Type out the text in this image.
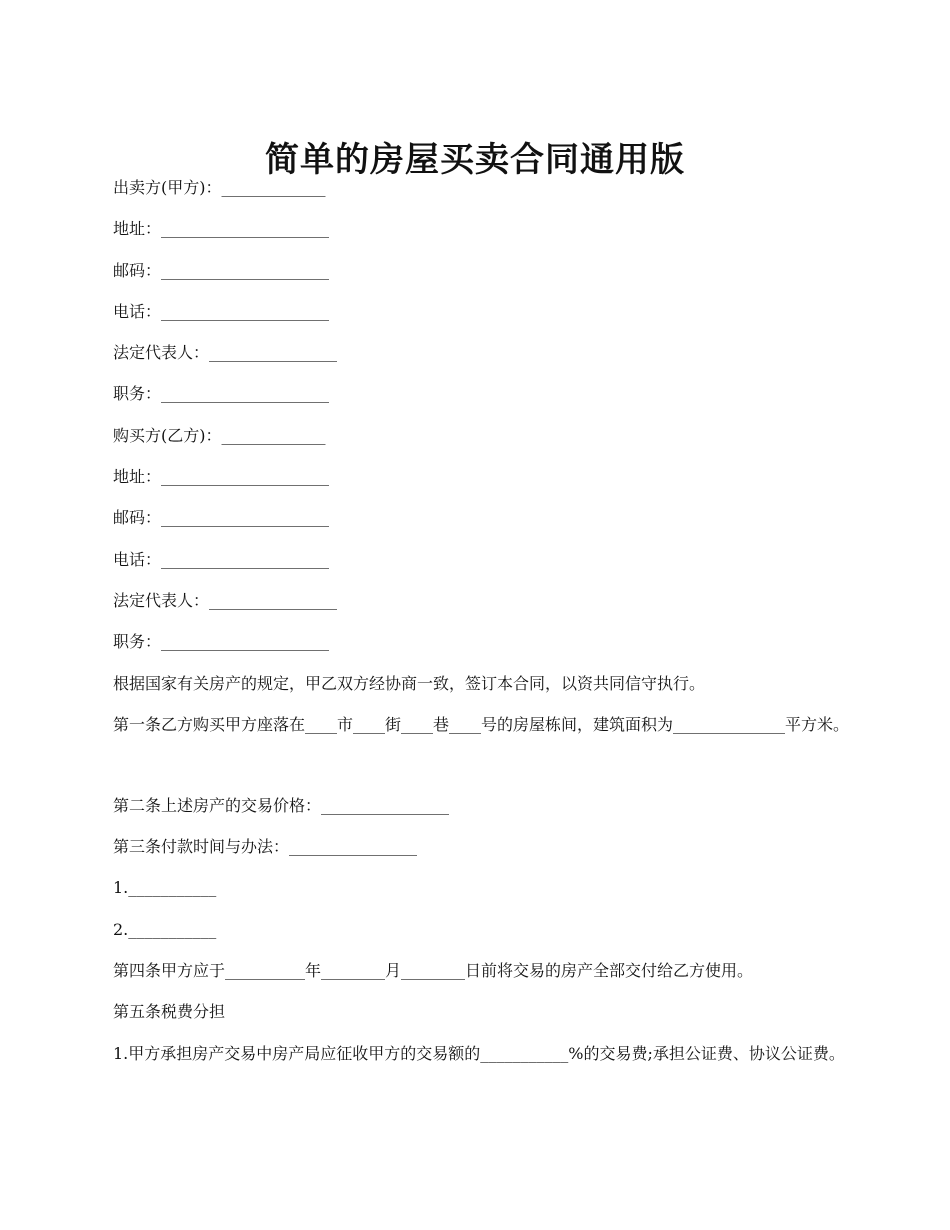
简单的房屋买卖合同通用版

出卖方(甲方)：_____________

地址：_____________________

邮码：_____________________

电话：_____________________

法定代表人：________________

职务：_____________________

购买方(乙方)：_____________

地址：_____________________

邮码：_____________________

电话：_____________________

法定代表人：________________

职务：_____________________

根据国家有关房产的规定，甲乙双方经协商一致，签订本合同，以资共同信守执行。

第一条乙方购买甲方座落在____市____街____巷____号的房屋栋间，建筑面积为______________平方米。

第二条上述房产的交易价格：________________

第三条付款时间与办法：________________

1.___________

2.___________

第四条甲方应于__________年________月________日前将交易的房产全部交付给乙方使用。

第五条税费分担

1.甲方承担房产交易中房产局应征收甲方的交易额的___________%的交易费;承担公证费、协议公证费。
